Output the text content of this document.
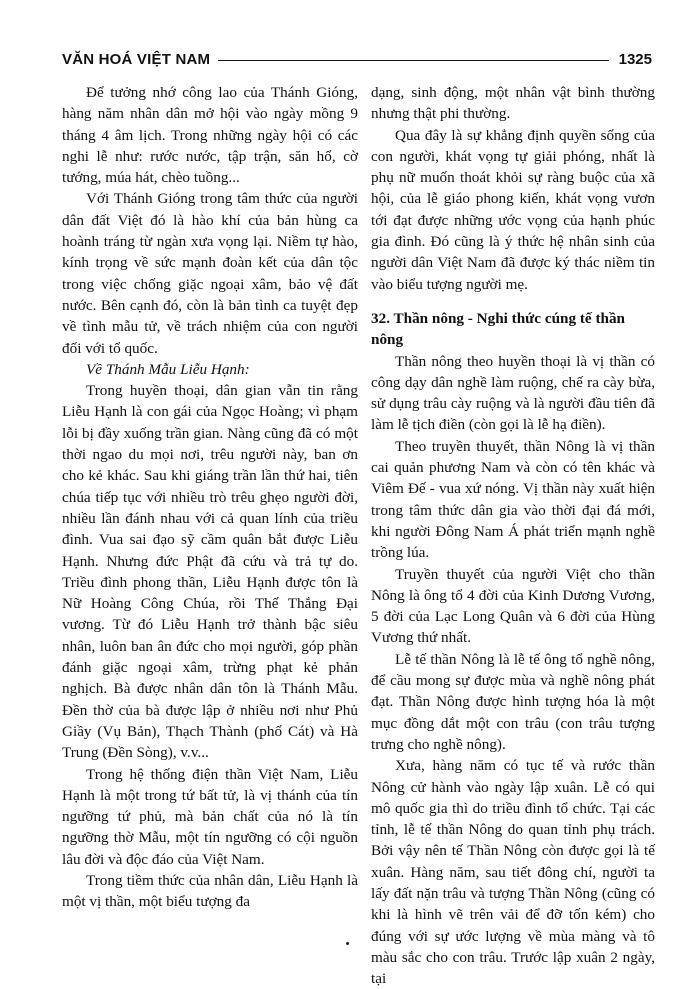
VĂN HOÁ VIỆT NAM	1325

Để tưởng nhớ công lao của Thánh Gióng, hàng năm nhân dân mở hội vào ngày mồng 9 tháng 4 âm lịch. Trong những ngày hội có các nghi lễ như: rước nước, tập trận, săn hổ, cờ tướng, múa hát, chèo tuồng...

Với Thánh Gióng trong tâm thức của người dân đất Việt đó là hào khí của bản hùng ca hoành tráng từ ngàn xưa vọng lại. Niềm tự hào, kính trọng về sức mạnh đoàn kết của dân tộc trong việc chống giặc ngoại xâm, bảo vệ đất nước. Bên cạnh đó, còn là bản tình ca tuyệt đẹp về tình mẫu tử, về trách nhiệm của con người đối với tổ quốc.

Về Thánh Mẫu Liễu Hạnh:

Trong huyền thoại, dân gian vẫn tin rằng Liễu Hạnh là con gái của Ngọc Hoàng; vì phạm lỗi bị đầy xuống trần gian. Nàng cũng đã có một thời ngao du mọi nơi, trêu người này, ban ơn cho kẻ khác. Sau khi giáng trần lần thứ hai, tiên chúa tiếp tục với nhiều trò trêu ghẹo người đời, nhiều lần đánh nhau với cả quan lính của triều đình. Vua sai đạo sỹ cầm quân bắt được Liễu Hạnh. Nhưng đức Phật đã cứu và trả tự do. Triều đình phong thần, Liễu Hạnh được tôn là Nữ Hoàng Công Chúa, rồi Thế Thắng Đại vương. Từ đó Liễu Hạnh trở thành bậc siêu nhân, luôn ban ân đức cho mọi người, góp phần đánh giặc ngoại xâm, trừng phạt kẻ phản nghịch. Bà được nhân dân tôn là Thánh Mẫu. Đền thờ của bà được lập ở nhiều nơi như Phủ Giầy (Vụ Bản), Thạch Thành (phố Cát) và Hà Trung (Đền Sòng), v.v...

Trong hệ thống điện thần Việt Nam, Liễu Hạnh là một trong tứ bất tử, là vị thánh của tín ngưỡng tứ phủ, mà bản chất của nó là tín ngưỡng thờ Mẫu, một tín ngưỡng có cội nguồn lâu đời và độc đáo của Việt Nam.

Trong tiềm thức của nhân dân, Liễu Hạnh là một vị thần, một biểu tượng đa

dạng, sinh động, một nhân vật bình thường nhưng thật phi thường.

Qua đây là sự khẳng định quyền sống của con người, khát vọng tự giải phóng, nhất là phụ nữ muốn thoát khỏi sự ràng buộc của xã hội, của lễ giáo phong kiến, khát vọng vươn tới đạt được những ước vọng của hạnh phúc gia đình. Đó cũng là ý thức hệ nhân sinh của người dân Việt Nam đã được ký thác niềm tin vào biểu tượng người mẹ.

32. Thần nông - Nghi thức cúng tế thần nông

Thần nông theo huyền thoại là vị thần có công dạy dân nghề làm ruộng, chế ra cày bừa, sử dụng trâu cày ruộng và là người đầu tiên đã làm lễ tịch điền (còn gọi là lễ hạ điền).

Theo truyền thuyết, thần Nông là vị thần cai quản phương Nam và còn có tên khác và Viêm Đế - vua xứ nóng. Vị thần này xuất hiện trong tâm thức dân gia vào thời đại đá mới, khi người Đông Nam Á phát triển mạnh nghề trồng lúa.

Truyền thuyết của người Việt cho thần Nông là ông tổ 4 đời của Kinh Dương Vương, 5 đời của Lạc Long Quân và 6 đời của Hùng Vương thứ nhất.

Lễ tế thần Nông là lễ tế ông tổ nghề nông, để cầu mong sự được mùa và nghề nông phát đạt. Thần Nông được hình tượng hóa là một mục đồng dắt một con trâu (con trâu tượng trưng cho nghề nông).

Xưa, hàng năm có tục tế và rước thần Nông cử hành vào ngày lập xuân. Lễ có qui mô quốc gia thì do triều đình tổ chức. Tại các tỉnh, lễ tế thần Nông do quan tỉnh phụ trách. Bởi vậy nên tế Thần Nông còn được gọi là tế xuân. Hàng năm, sau tiết đông chí, người ta lấy đất nặn trâu và tượng Thần Nông (cũng có khi là hình vẽ trên vải để đỡ tốn kém) cho đúng với sự ước lượng về mùa màng và tô màu sắc cho con trâu. Trước lập xuân 2 ngày, tại
